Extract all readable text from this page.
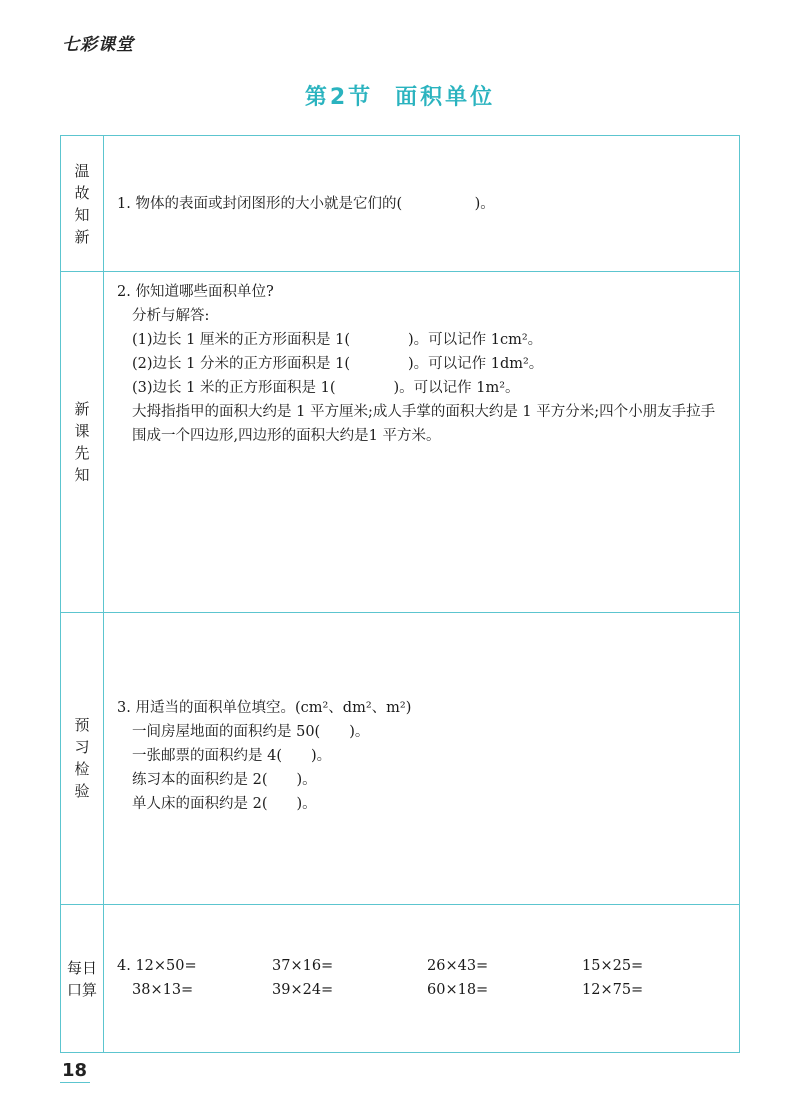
七彩课堂
第2节 面积单位
温故知新
1. 物体的表面或封闭图形的大小就是它们的(　　　　　)。
新课先知
2. 你知道哪些面积单位?
分析与解答:
(1)边长 1 厘米的正方形面积是 1(　　　　)。可以记作 1cm²。
(2)边长 1 分米的正方形面积是 1(　　　　)。可以记作 1dm²。
(3)边长 1 米的正方形面积是 1(　　　　)。可以记作 1m²。
大拇指指甲的面积大约是 1 平方厘米;成人手掌的面积大约是 1 平方分米;四个小朋友手拉手围成一个四边形,四边形的面积大约是1 平方米。
预习检验
3. 用适当的面积单位填空。(cm²、dm²、m²)
一间房屋地面的面积约是 50(　　)。
一张邮票的面积约是 4(　　)。
练习本的面积约是 2(　　)。
单人床的面积约是 2(　　)。
每日口算
4. 12×50=	37×16=	26×43=	15×25=
38×13=	39×24=	60×18=	12×75=
18
